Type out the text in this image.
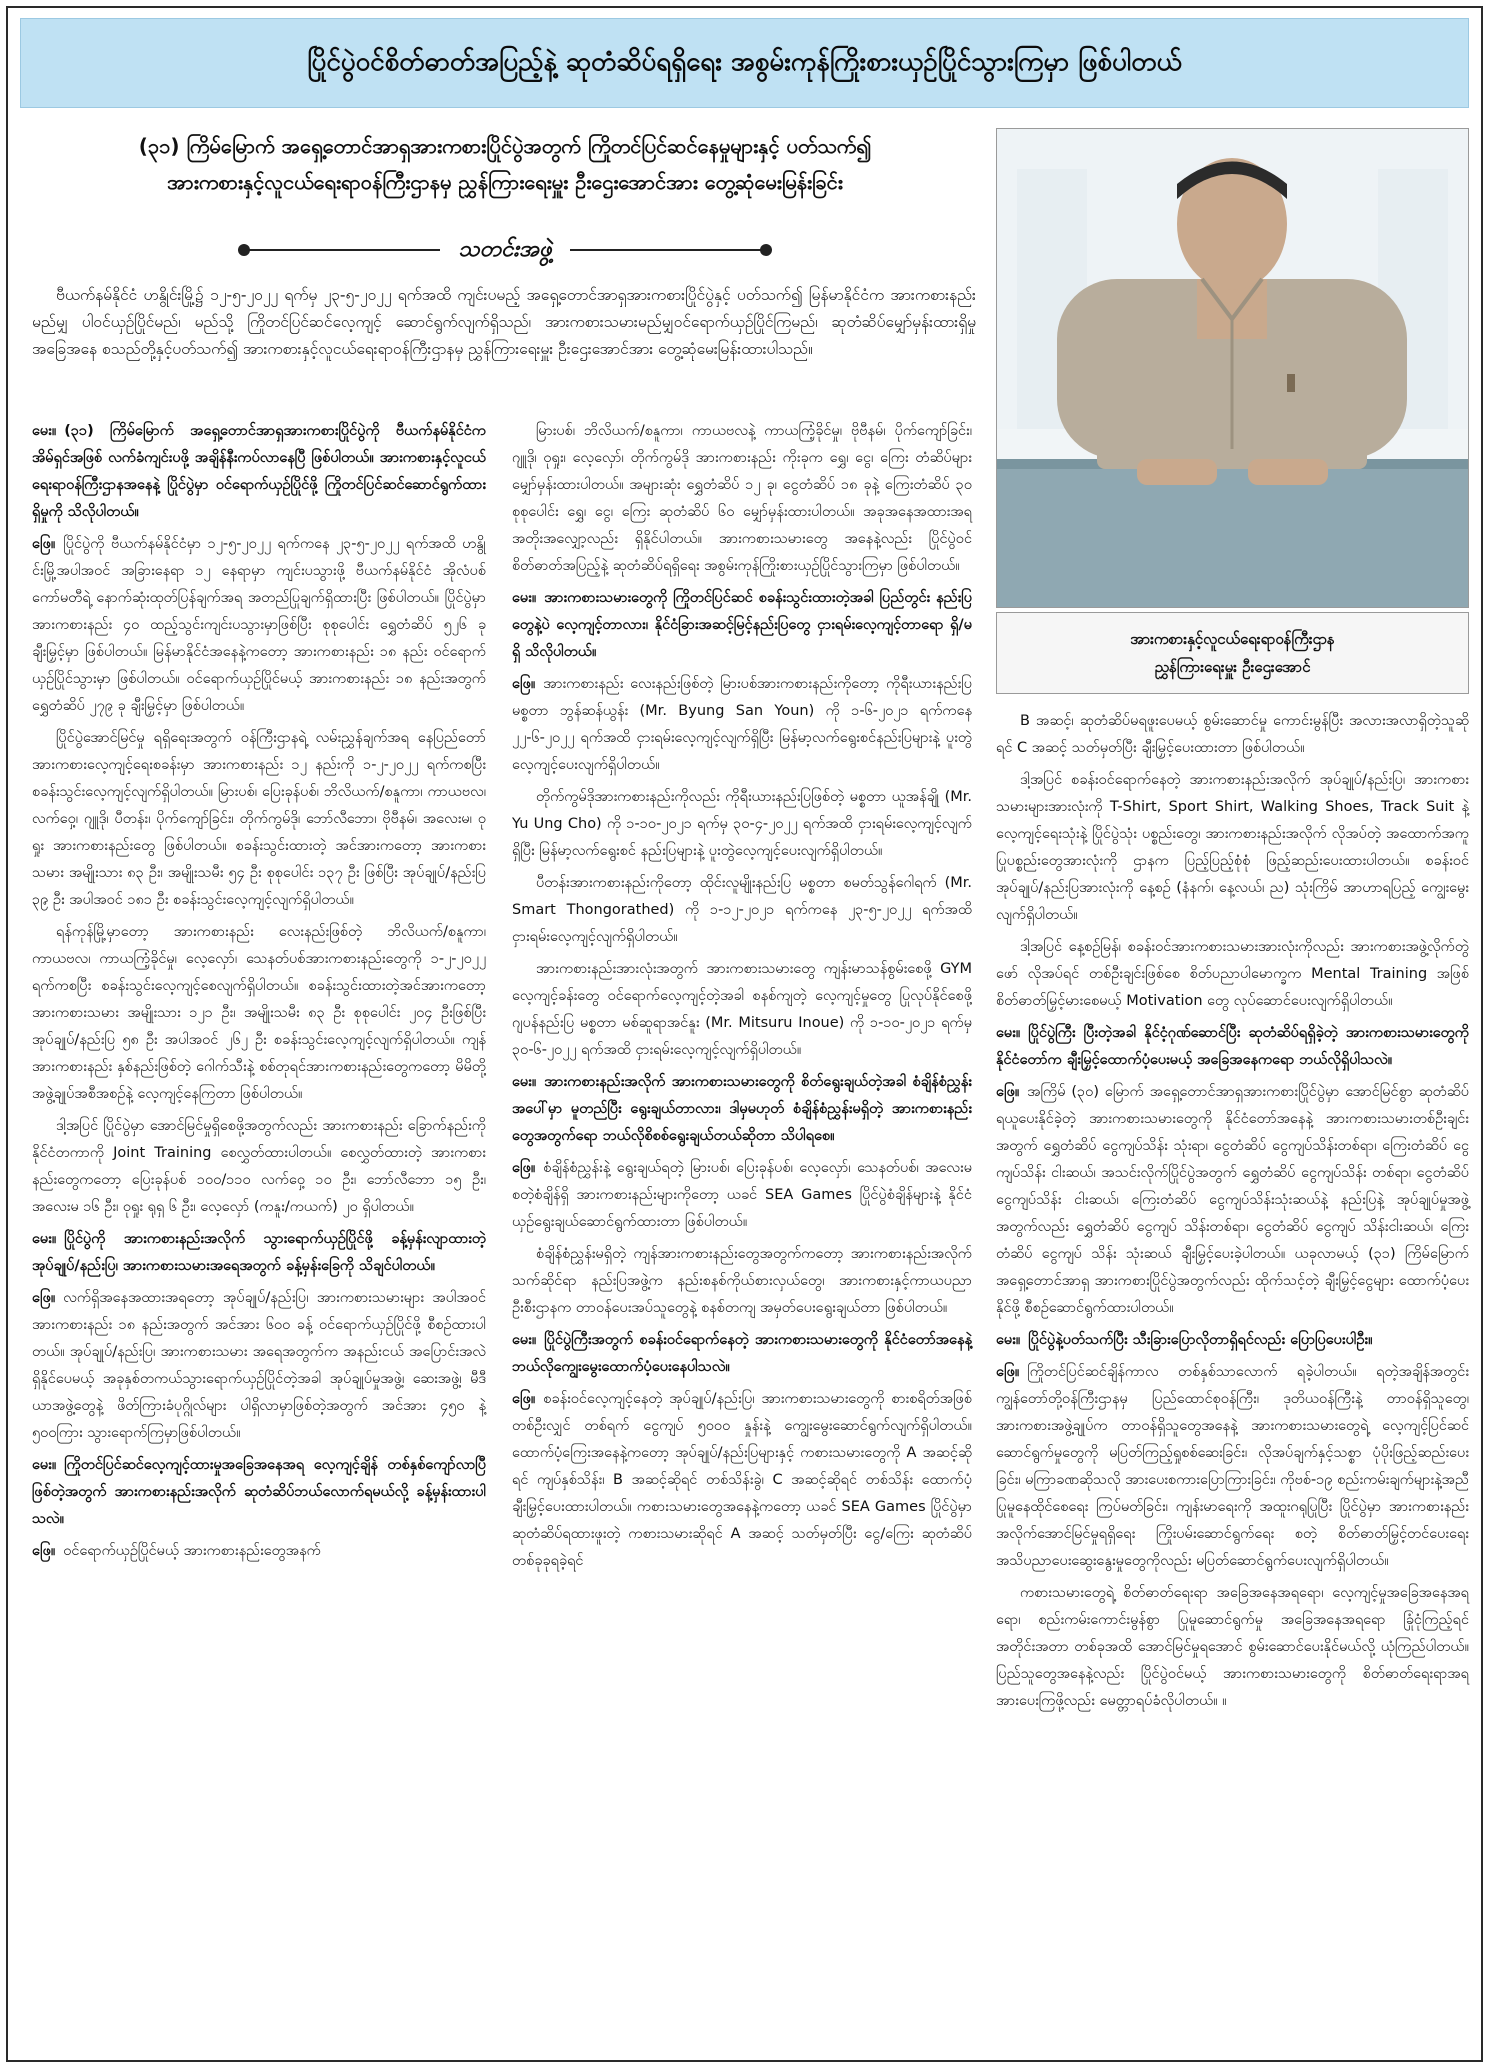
ပြိုင်ပွဲဝင်စိတ်ဓာတ်အပြည့်နဲ့ ဆုတံဆိပ်ရရှိရေး အစွမ်းကုန်ကြိုးစားယှဉ်ပြိုင်သွားကြမှာ ဖြစ်ပါတယ်
(၃၁) ကြိမ်မြောက် အရှေ့တောင်အာရှအားကစားပြိုင်ပွဲအတွက် ကြိုတင်ပြင်ဆင်နေမှုများနှင့် ပတ်သက်၍
အားကစားနှင့်လူငယ်ရေးရာဝန်ကြီးဌာနမှ ညွှန်ကြားရေးမှူး ဦးဌေးအောင်အား တွေ့ဆုံမေးမြန်းခြင်း
သတင်းအဖွဲ့
အားကစားနှင့်လူငယ်ရေးရာဝန်ကြီးဌာန
ညွှန်ကြားရေးမှူး ဦးဌေးအောင်

ဗီယက်နမ်နိုင်ငံ ဟနွိုင်းမြို့၌ ၁၂-၅-၂၀၂၂ ရက်မှ ၂၃-၅-၂၀၂၂ ရက်အထိ ကျင်းပမည့် အရှေ့တောင်အာရှအားကစားပြိုင်ပွဲနှင့် ပတ်သက်၍ မြန်မာနိုင်ငံက အားကစားနည်းမည်မျှ ပါဝင်ယှဉ်ပြိုင်မည်၊ မည်သို့ ကြိုတင်ပြင်ဆင်လေ့ကျင့် ဆောင်ရွက်လျက်ရှိသည်၊ အားကစားသမားမည်မျှဝင်ရောက်ယှဉ်ပြိုင်ကြမည်၊ ဆုတံဆိပ်မျှော်မှန်းထားရှိမှုအခြေအနေ စသည်တို့နှင့်ပတ်သက်၍ အားကစားနှင့်လူငယ်ရေးရာဝန်ကြီးဌာနမှ ညွှန်ကြားရေးမှူး ဦးဌေးအောင်အား တွေ့ဆုံမေးမြန်းထားပါသည်။

မေး။ (၃၁) ကြိမ်မြောက် အရှေ့တောင်အာရှအားကစားပြိုင်ပွဲကို ဗီယက်နမ်နိုင်ငံက အိမ်ရှင်အဖြစ် လက်ခံကျင်းပဖို့ အချိန်နီးကပ်လာနေပြီ ဖြစ်ပါတယ်။ အားကစားနှင့်လူငယ်ရေးရာဝန်ကြီးဌာနအနေနဲ့ ပြိုင်ပွဲမှာ ဝင်ရောက်ယှဉ်ပြိုင်ဖို့ ကြိုတင်ပြင်ဆင်ဆောင်ရွက်ထားရှိမှုကို သိလိုပါတယ်။

ဖြေ။ ပြိုင်ပွဲကို ဗီယက်နမ်နိုင်ငံမှာ ၁၂-၅-၂၀၂၂ ရက်ကနေ ၂၃-၅-၂၀၂၂ ရက်အထိ ဟနွိုင်းမြို့အပါအဝင် အခြားနေရာ ၁၂ နေရာမှာ ကျင်းပသွားဖို့ ဗီယက်နမ်နိုင်ငံ အိုလံပစ်ကော်မတီရဲ့ နောက်ဆုံးထုတ်ပြန်ချက်အရ အတည်ပြုချက်ရှိထားပြီး ဖြစ်ပါတယ်။ ပြိုင်ပွဲမှာ အားကစားနည်း ၄၀ ထည့်သွင်းကျင်းပသွားမှာဖြစ်ပြီး စုစုပေါင်း ရွှေတံဆိပ် ၅၂၆ ခု ချီးမြှင့်မှာ ဖြစ်ပါတယ်။ မြန်မာနိုင်ငံအနေနဲ့ကတော့ အားကစားနည်း ၁၈ နည်း ဝင်ရောက်ယှဉ်ပြိုင်သွားမှာ ဖြစ်ပါတယ်။ ဝင်ရောက်ယှဉ်ပြိုင်မယ့် အားကစားနည်း ၁၈ နည်းအတွက် ရွှေတံဆိပ် ၂၇၉ ခု ချီးမြှင့်မှာ ဖြစ်ပါတယ်။

ပြိုင်ပွဲအောင်မြင်မှု ရရှိရေးအတွက် ဝန်ကြီးဌာနရဲ့ လမ်းညွှန်ချက်အရ နေပြည်တော်အားကစားလေ့ကျင့်ရေးစခန်းမှာ အားကစားနည်း ၁၂ နည်းကို ၁-၂-၂၀၂၂ ရက်ကစပြီး စခန်းသွင်းလေ့ကျင့်လျက်ရှိပါတယ်။ မြားပစ်၊ ပြေးခုန်ပစ်၊ ဘိလိယက်/စနူကာ၊ ကာယဗလ၊ လက်ဝှေ့၊ ဂျူဒို၊ ပီတန်း၊ ပိုက်ကျော်ခြင်း၊ တိုက်ကွမ်ဒို၊ ဘော်လီဘော၊ ဗိုဗီနမ်၊ အလေးမ၊ ဝုရှုး အားကစားနည်းတွေ ဖြစ်ပါတယ်။ စခန်းသွင်းထားတဲ့ အင်အားကတော့ အားကစားသမား အမျိုးသား ၈၃ ဦး၊ အမျိုးသမီး ၅၄ ဦး စုစုပေါင်း ၁၃၇ ဦး ဖြစ်ပြီး အုပ်ချုပ်/နည်းပြ ၃၉ ဦး အပါအဝင် ၁၈၁ ဦး စခန်းသွင်းလေ့ကျင့်လျက်ရှိပါတယ်။

ရန်ကုန်မြို့မှာတော့ အားကစားနည်း လေးနည်းဖြစ်တဲ့ ဘိလိယက်/စနူကာ၊ ကာယဗလ၊ ကာယကြံ့ခိုင်မှု၊ လေ့လှော်၊ သေနတ်ပစ်အားကစားနည်းတွေကို ၁-၂-၂၀၂၂ ရက်ကစပြီး စခန်းသွင်းလေ့ကျင့်စေလျက်ရှိပါတယ်။ စခန်းသွင်းထားတဲ့အင်အားကတော့ အားကစားသမား အမျိုးသား ၁၂၁ ဦး၊ အမျိုးသမီး ၈၃ ဦး စုစုပေါင်း ၂၀၄ ဦးဖြစ်ပြီး အုပ်ချုပ်/နည်းပြ ၅၈ ဦး အပါအဝင် ၂၆၂ ဦး စခန်းသွင်းလေ့ကျင့်လျက်ရှိပါတယ်။ ကျန်အားကစားနည်း နှစ်နည်းဖြစ်တဲ့ ဂေါက်သီးနဲ့ စစ်တုရင်အားကစားနည်းတွေကတော့ မိမိတို့အဖွဲ့ချုပ်အစီအစဉ်နဲ့ လေ့ကျင့်နေကြတာ ဖြစ်ပါတယ်။

ဒါ့အပြင် ပြိုင်ပွဲမှာ အောင်မြင်မှုရှိစေဖို့အတွက်လည်း အားကစားနည်း ခြောက်နည်းကို နိုင်ငံတကာကို Joint Training စေလွှတ်ထားပါတယ်။ စေလွှတ်ထားတဲ့ အားကစားနည်းတွေကတော့ ပြေးခုန်ပစ် ၁၀၀/၁၁၀ လက်ဝှေ့ ၁၀ ဦး၊ ဘော်လီဘော ၁၅ ဦး၊ အလေးမ ၁၆ ဦး၊ ဝုရှုး ရုရှ ၆ ဦး၊ လေ့လှော် (ကနူး/ကယက်) ၂၀ ရှိပါတယ်။

မေး။ ပြိုင်ပွဲကို အားကစားနည်းအလိုက် သွားရောက်ယှဉ်ပြိုင်ဖို့ ခန့်မှန်းလျာထားတဲ့ အုပ်ချုပ်/နည်းပြ၊ အားကစားသမားအရေအတွက် ခန့်မှန်းခြေကို သိချင်ပါတယ်။

ဖြေ။ လက်ရှိအနေအထားအရတော့ အုပ်ချုပ်/နည်းပြ၊ အားကစားသမားများ အပါအဝင် အားကစားနည်း ၁၈ နည်းအတွက် အင်အား ၆၀၀ ခန့် ဝင်ရောက်ယှဉ်ပြိုင်ဖို့ စီစဉ်ထားပါတယ်။ အုပ်ချုပ်/နည်းပြ၊ အားကစားသမား အရေအတွက်က အနည်းငယ် အပြောင်းအလဲရှိနိုင်ပေမယ့် အခုနှစ်တကယ်သွားရောက်ယှဉ်ပြိုင်တဲ့အခါ အုပ်ချုပ်မှုအဖွဲ့၊ ဆေးအဖွဲ့၊ မီဒီယာအဖွဲ့တွေနဲ့ ဖိတ်ကြားခံပုဂ္ဂိုလ်များ ပါရှိလာမှာဖြစ်တဲ့အတွက် အင်အား ၄၅၀ နဲ့ ၅၀၀ကြား သွားရောက်ကြမှာဖြစ်ပါတယ်။

မေး။ ကြိုတင်ပြင်ဆင်လေ့ကျင့်ထားမှုအခြေအနေအရ လေ့ကျင့်ချိန် တစ်နှစ်ကျော်လာပြီဖြစ်တဲ့အတွက် အားကစားနည်းအလိုက် ဆုတံဆိပ်ဘယ်လောက်ရမယ်လို့ ခန့်မှန်းထားပါသလဲ။

ဖြေ။ ဝင်ရောက်ယှဉ်ပြိုင်မယ့် အားကစားနည်းတွေအနက်

မြားပစ်၊ ဘိလိယက်/စနူကာ၊ ကာယဗလနဲ့ ကာယကြံ့ခိုင်မှု၊ ဗိုဗီနမ်၊ ပိုက်ကျော်ခြင်း၊ ဂျူဒို၊ ဝုရှုး၊ လေ့လှော်၊ တိုက်ကွမ်ဒို အားကစားနည်း ကိုးခုက ရွှေ၊ ငွေ၊ ကြေး တံဆိပ်များ မျှော်မှန်းထားပါတယ်။ အများဆုံး ရွှေတံဆိပ် ၁၂ ခု၊ ငွေတံဆိပ် ၁၈ ခုနဲ့ ကြေးတံဆိပ် ၃၀ စုစုပေါင်း ရွှေ၊ ငွေ၊ ကြေး ဆုတံဆိပ် ၆၀ မျှော်မှန်းထားပါတယ်။ အခုအနေအထားအရ အတိုးအလျှော့လည်း ရှိနိုင်ပါတယ်။ အားကစားသမားတွေ အနေနဲ့လည်း ပြိုင်ပွဲဝင်စိတ်ဓာတ်အပြည့်နဲ့ ဆုတံဆိပ်ရရှိရေး အစွမ်းကုန်ကြိုးစားယှဉ်ပြိုင်သွားကြမှာ ဖြစ်ပါတယ်။

မေး။ အားကစားသမားတွေကို ကြိုတင်ပြင်ဆင် စခန်းသွင်းထားတဲ့အခါ ပြည်တွင်း နည်းပြတွေနဲ့ပဲ လေ့ကျင့်တာလား၊ နိုင်ငံခြားအဆင့်မြင့်နည်းပြတွေ ငှားရမ်းလေ့ကျင့်တာရော ရှိ/မရှိ သိလိုပါတယ်။

ဖြေ။ အားကစားနည်း လေးနည်းဖြစ်တဲ့ မြားပစ်အားကစားနည်းကိုတော့ ကိုရီးယားနည်းပြ မစ္စတာ ဘွန်ဆန်ယွန်း (Mr. Byung San Youn) ကို ၁-၆-၂၀၂၁ ရက်ကနေ ၂၂-၆-၂၀၂၂ ရက်အထိ ငှားရမ်းလေ့ကျင့်လျက်ရှိပြီး မြန်မာ့လက်ရွေးစင်နည်းပြများနဲ့ ပူးတွဲလေ့ကျင့်ပေးလျက်ရှိပါတယ်။

တိုက်ကွမ်ဒိုအားကစားနည်းကိုလည်း ကိုရီးယားနည်းပြဖြစ်တဲ့ မစ္စတာ ယူအန်ချို (Mr. Yu Ung Cho) ကို ၁-၁၀-၂၀၂၁ ရက်မှ ၃၀-၄-၂၀၂၂ ရက်အထိ ငှားရမ်းလေ့ကျင့်လျက်ရှိပြီး မြန်မာ့လက်ရွေးစင် နည်းပြများနဲ့ ပူးတွဲလေ့ကျင့်ပေးလျက်ရှိပါတယ်။

ပီတန်းအားကစားနည်းကိုတော့ ထိုင်းလူမျိုးနည်းပြ မစ္စတာ စမတ်သွန်ဂေါရက် (Mr. Smart Thongorathed) ကို ၁-၁၂-၂၀၂၁ ရက်ကနေ ၂၃-၅-၂၀၂၂ ရက်အထိ ငှားရမ်းလေ့ကျင့်လျက်ရှိပါတယ်။

အားကစားနည်းအားလုံးအတွက် အားကစားသမားတွေ ကျန်းမာသန်စွမ်းစေဖို့ GYM လေ့ကျင့်ခန်းတွေ ဝင်ရောက်လေ့ကျင့်တဲ့အခါ စနစ်ကျတဲ့ လေ့ကျင့်မှုတွေ ပြုလုပ်နိုင်စေဖို့ ဂျပန်နည်းပြ မစ္စတာ မစ်ဆူရာအင်နူး (Mr. Mitsuru Inoue) ကို ၁-၁၀-၂၀၂၁ ရက်မှ ၃၀-၆-၂၀၂၂ ရက်အထိ ငှားရမ်းလေ့ကျင့်လျက်ရှိပါတယ်။

မေး။ အားကစားနည်းအလိုက် အားကစားသမားတွေကို စိတ်ရွေးချယ်တဲ့အခါ စံချိန်စံညွှန်းအပေါ်မှာ မူတည်ပြီး ရွေးချယ်တာလား၊ ဒါမှမဟုတ် စံချိန်စံညွှန်းမရှိတဲ့ အားကစားနည်းတွေအတွက်ရော ဘယ်လိုစိစစ်ရွေးချယ်တယ်ဆိုတာ သိပါရစေ။

ဖြေ။ စံချိန်စံညွှန်းနဲ့ ရွေးချယ်ရတဲ့ မြားပစ်၊ ပြေးခုန်ပစ်၊ လေ့လှော်၊ သေနတ်ပစ်၊ အလေးမ စတဲ့စံချိန်ရှိ အားကစားနည်းများကိုတော့ ယခင် SEA Games ပြိုင်ပွဲစံချိန်များနဲ့ နိုင်ငံယှဉ်ရွေးချယ်ဆောင်ရွက်ထားတာ ဖြစ်ပါတယ်။

စံချိန်စံညွှန်းမရှိတဲ့ ကျန်အားကစားနည်းတွေအတွက်ကတော့ အားကစားနည်းအလိုက် သက်ဆိုင်ရာ နည်းပြအဖွဲ့က နည်းစနစ်ကိုယ်စားလှယ်တွေ၊ အားကစားနှင့်ကာယပညာဦးစီးဌာနက တာဝန်ပေးအပ်သူတွေနဲ့ စနစ်တကျ အမှတ်ပေးရွေးချယ်တာ ဖြစ်ပါတယ်။

မေး။ ပြိုင်ပွဲကြီးအတွက် စခန်းဝင်ရောက်နေတဲ့ အားကစားသမားတွေကို နိုင်ငံတော်အနေနဲ့ ဘယ်လိုကျွေးမွေးထောက်ပံ့ပေးနေပါသလဲ။

ဖြေ။ စခန်းဝင်လေ့ကျင့်နေတဲ့ အုပ်ချုပ်/နည်းပြ၊ အားကစားသမားတွေကို စားစရိတ်အဖြစ် တစ်ဦးလျှင် တစ်ရက် ငွေကျပ် ၅၀၀၀ နှုန်းနဲ့ ကျွေးမွေးဆောင်ရွက်လျက်ရှိပါတယ်။ ထောက်ပံ့ကြေးအနေနဲ့ကတော့ အုပ်ချုပ်/နည်းပြများနှင့် ကစားသမားတွေကို A အဆင့်ဆိုရင် ကျပ်နှစ်သိန်း၊ B အဆင့်ဆိုရင် တစ်သိန်းခွဲ၊ C အဆင့်ဆိုရင် တစ်သိန်း ထောက်ပံ့ချီးမြှင့်ပေးထားပါတယ်။ ကစားသမားတွေအနေနဲ့ကတော့ ယခင် SEA Games ပြိုင်ပွဲမှာ ဆုတံဆိပ်ရထားဖူးတဲ့ ကစားသမားဆိုရင် A အဆင့် သတ်မှတ်ပြီး ငွေ/ကြေး ဆုတံဆိပ် တစ်ခုခုရခဲ့ရင်

B အဆင့်၊ ဆုတံဆိပ်မရဖူးပေမယ့် စွမ်းဆောင်မှု ကောင်းမွန်ပြီး အလားအလာရှိတဲ့သူဆိုရင် C အဆင့် သတ်မှတ်ပြီး ချီးမြှင့်ပေးထားတာ ဖြစ်ပါတယ်။

ဒါ့အပြင် စခန်းဝင်ရောက်နေတဲ့ အားကစားနည်းအလိုက် အုပ်ချုပ်/နည်းပြ၊ အားကစားသမားများအားလုံးကို T-Shirt, Sport Shirt, Walking Shoes, Track Suit နဲ့ လေ့ကျင့်ရေးသုံးနဲ့ ပြိုင်ပွဲသုံး ပစ္စည်းတွေ၊ အားကစားနည်းအလိုက် လိုအပ်တဲ့ အထောက်အကူပြုပစ္စည်းတွေအားလုံးကို ဌာနက ပြည့်ပြည့်စုံစုံ ဖြည့်ဆည်းပေးထားပါတယ်။ စခန်းဝင် အုပ်ချုပ်/နည်းပြအားလုံးကို နေ့စဉ် (နံနက်၊ နေ့လယ်၊ ည) သုံးကြိမ် အာဟာရပြည့် ကျွေးမွေးလျက်ရှိပါတယ်။

ဒါ့အပြင် နေ့စဉ်မြန်၊ စခန်းဝင်အားကစားသမားအားလုံးကိုလည်း အားကစားအဖွဲ့လိုက်တွဲဖော် လိုအပ်ရင် တစ်ဦးချင်းဖြစ်စေ စိတ်ပညာပါမောက္ခက Mental Training အဖြစ် စိတ်ဓာတ်မြှင့်မားစေမယ့် Motivation တွေ လုပ်ဆောင်ပေးလျက်ရှိပါတယ်။

မေး။ ပြိုင်ပွဲကြီး ပြီးတဲ့အခါ နိုင်ငံ့ဂုဏ်ဆောင်ပြီး ဆုတံဆိပ်ရရှိခဲ့တဲ့ အားကစားသမားတွေကို နိုင်ငံတော်က ချီးမြှင့်ထောက်ပံ့ပေးမယ့် အခြေအနေကရော ဘယ်လိုရှိပါသလဲ။

ဖြေ။ အကြိမ် (၃၀) မြောက် အရှေ့တောင်အာရှအားကစားပြိုင်ပွဲမှာ အောင်မြင်စွာ ဆုတံဆိပ်ရယူပေးနိုင်ခဲ့တဲ့ အားကစားသမားတွေကို နိုင်ငံတော်အနေနဲ့ အားကစားသမားတစ်ဦးချင်းအတွက် ရွှေတံဆိပ် ငွေကျပ်သိန်း သုံးရာ၊ ငွေတံဆိပ် ငွေကျပ်သိန်းတစ်ရာ၊ ကြေးတံဆိပ် ငွေကျပ်သိန်း ငါးဆယ်၊ အသင်းလိုက်ပြိုင်ပွဲအတွက် ရွှေတံဆိပ် ငွေကျပ်သိန်း တစ်ရာ၊ ငွေတံဆိပ် ငွေကျပ်သိန်း ငါးဆယ်၊ ကြေးတံဆိပ် ငွေကျပ်သိန်းသုံးဆယ်နဲ့ နည်းပြနဲ့ အုပ်ချုပ်မှုအဖွဲ့အတွက်လည်း ရွှေတံဆိပ် ငွေကျပ် သိန်းတစ်ရာ၊ ငွေတံဆိပ် ငွေကျပ် သိန်းငါးဆယ်၊ ကြေးတံဆိပ် ငွေကျပ် သိန်း သုံးဆယ် ချီးမြှင့်ပေးခဲ့ပါတယ်။ ယခုလာမယ့် (၃၁) ကြိမ်မြောက် အရှေ့တောင်အာရှ အားကစားပြိုင်ပွဲအတွက်လည်း ထိုက်သင့်တဲ့ ချီးမြှင့်ငွေများ ထောက်ပံ့ပေးနိုင်ဖို့ စီစဉ်ဆောင်ရွက်ထားပါတယ်။

မေး။ ပြိုင်ပွဲနဲ့ပတ်သက်ပြီး သီးခြားပြောလိုတာရှိရင်လည်း ပြောပြပေးပါဦး။

ဖြေ။ ကြိုတင်ပြင်ဆင်ချိန်ကာလ တစ်နှစ်သာလောက် ရခဲ့ပါတယ်။ ရတဲ့အချိန်အတွင်း ကျွန်တော်တို့ဝန်ကြီးဌာနမှ ပြည်ထောင်စုဝန်ကြီး၊ ဒုတိယဝန်ကြီးနဲ့ တာဝန်ရှိသူတွေ၊ အားကစားအဖွဲ့ချုပ်က တာဝန်ရှိသူတွေအနေနဲ့ အားကစားသမားတွေရဲ့ လေ့ကျင့်ပြင်ဆင်ဆောင်ရွက်မှုတွေကို မပြတ်ကြည့်ရှုစစ်ဆေးခြင်း၊ လိုအပ်ချက်နှင့်သစ္စာ ပုံပိုးဖြည့်ဆည်းပေးခြင်း၊ မကြာခဏဆိုသလို အားပေးစကားပြောကြားခြင်း၊ ကိုဗစ်-၁၉ စည်းကမ်းချက်များနဲ့အညီ ပြုမူနေထိုင်စေရေး ကြပ်မတ်ခြင်း၊ ကျန်းမာရေးကို အထူးဂရုပြုပြီး ပြိုင်ပွဲမှာ အားကစားနည်းအလိုက်အောင်မြင်မှုရရှိရေး ကြိုးပမ်းဆောင်ရွက်ရေး စတဲ့ စိတ်ဓာတ်မြှင့်တင်ပေးရေး အသိပညာပေးဆွေးနွေးမှုတွေကိုလည်း မပြတ်ဆောင်ရွက်ပေးလျက်ရှိပါတယ်။

ကစားသမားတွေရဲ့ စိတ်ဓာတ်ရေးရာ အခြေအနေအရရော၊ လေ့ကျင့်မှုအခြေအနေအရရော၊ စည်းကမ်းကောင်းမွန်စွာ ပြုမူဆောင်ရွက်မှု အခြေအနေအရရော ခြုံငုံကြည့်ရင် အတိုင်းအတာ တစ်ခုအထိ အောင်မြင်မှုရအောင် စွမ်းဆောင်ပေးနိုင်မယ်လို့ ယုံကြည်ပါတယ်။ ပြည်သူတွေအနေနဲ့လည်း ပြိုင်ပွဲဝင်မယ့် အားကစားသမားတွေကို စိတ်ဓာတ်ရေးရာအရ အားပေးကြဖို့လည်း မေတ္တာရပ်ခံလိုပါတယ်။ ။
